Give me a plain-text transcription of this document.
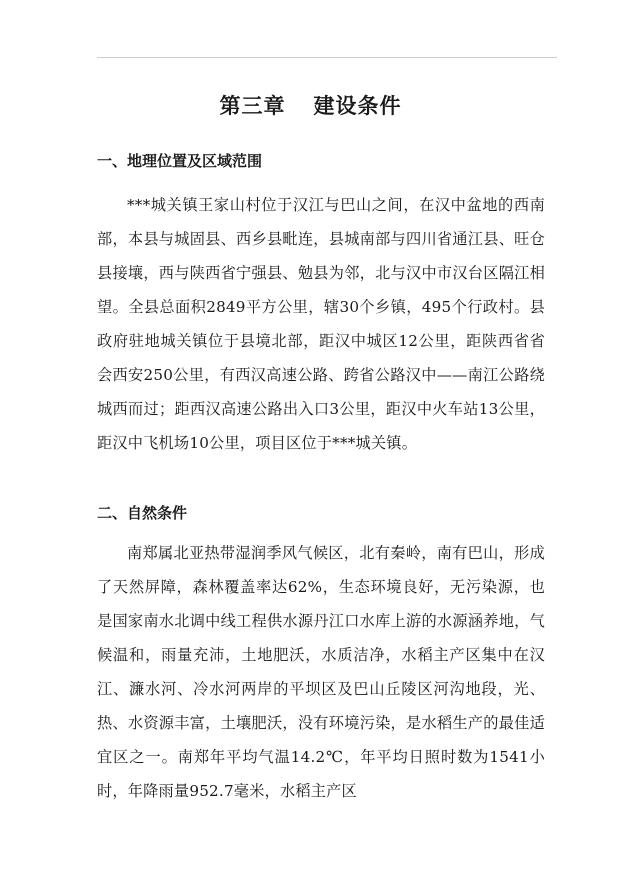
第三章 建设条件
一、地理位置及区域范围

***城关镇王家山村位于汉江与巴山之间，在汉中盆地的西南部，本县与城固县、西乡县毗连，县城南部与四川省通江县、旺仓县接壤，西与陕西省宁强县、勉县为邻，北与汉中市汉台区隔江相望。全县总面积2849平方公里，辖30个乡镇，495个行政村。县政府驻地城关镇位于县境北部，距汉中城区12公里，距陕西省省会西安250公里，有西汉高速公路、跨省公路汉中——南江公路绕城西而过；距西汉高速公路出入口3公里，距汉中火车站13公里，距汉中飞机场10公里，项目区位于***城关镇。

二、自然条件

南郑属北亚热带湿润季风气候区，北有秦岭，南有巴山，形成了天然屏障，森林覆盖率达62%，生态环境良好，无污染源，也是国家南水北调中线工程供水源丹江口水库上游的水源涵养地，气候温和，雨量充沛，土地肥沃，水质洁净，水稻主产区集中在汉江、濂水河、冷水河两岸的平坝区及巴山丘陵区河沟地段，光、热、水资源丰富，土壤肥沃，没有环境污染，是水稻生产的最佳适宜区之一。南郑年平均气温14.2℃，年平均日照时数为1541小时，年降雨量952.7毫米，水稻主产区
